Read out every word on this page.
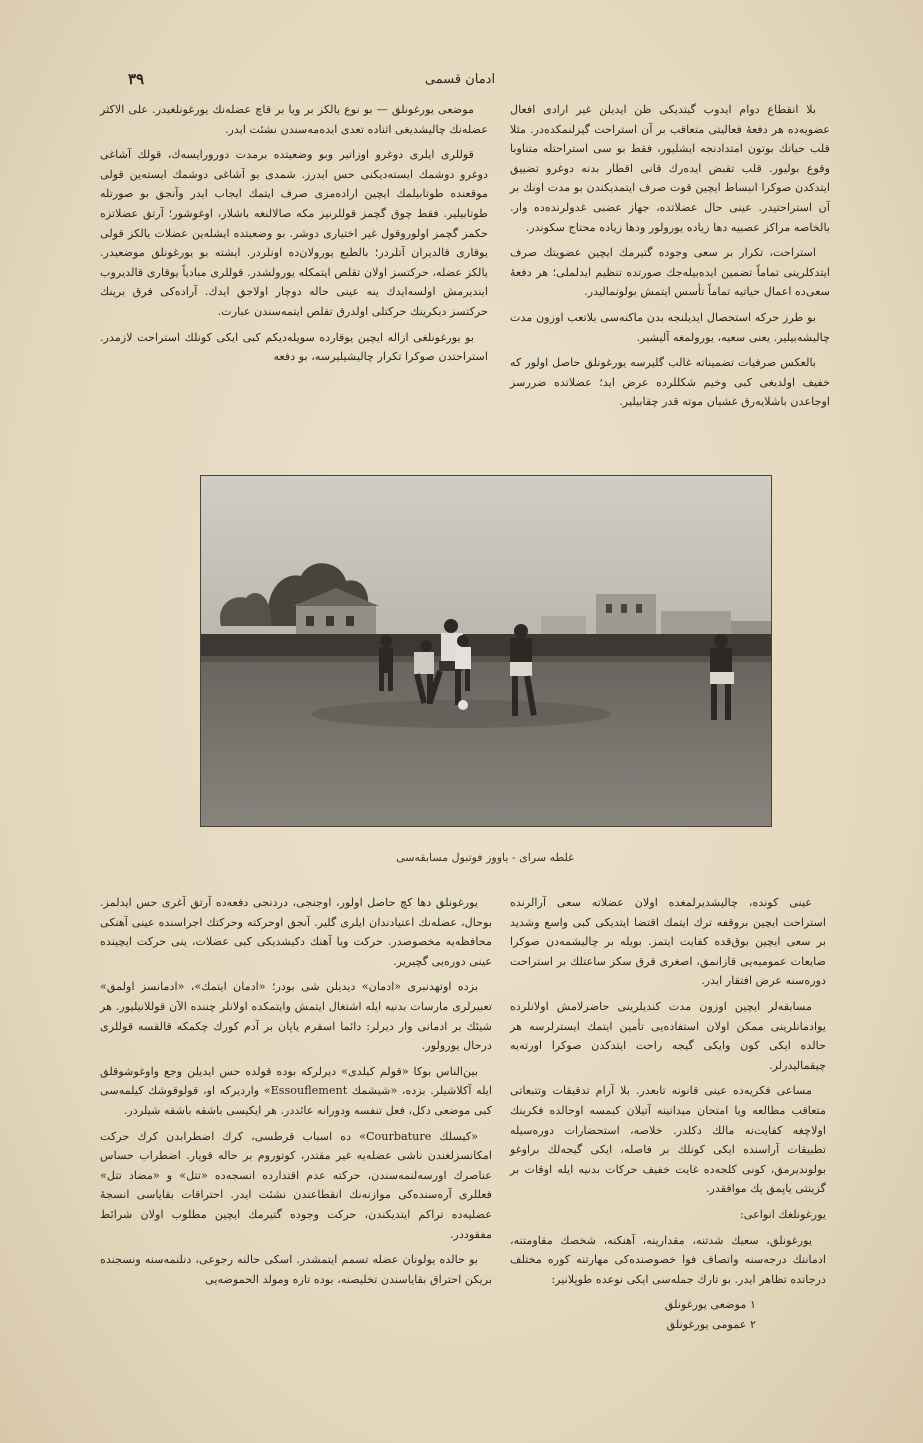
٣٩	ادمان قسمی

بلا انقطاع دوام ایدوب گیتدیکی ظن ایدیلن غیر ارادی افعال عضویه‌ده هر دفعهٔ فعالیتی متعاقب بر آن استراحت گیزلنمکده‌در. مثلا قلب حیاتك بوتون امتدادنجه ایشلیور، فقط بو سی استراحتله متناوبا وقوع بولیور. قلب تقبض ایده‌رك قانی اقطار بدنه دوغرو تضییق ایتدکدن صوکرا انبساط ایچین قوت صرف ایتمدیکندن بو مدت اونك بر آن استراحتیدر. عینی حال عضلاتده، جهاز عضبی غدولرنده‌ده وار. بالخاصه مراکز عصبیه دها زیاده یورولور ودها زیاده محتاج سکوندر.

استراحت، تکرار بر سعی وجوده گتیرمك ایچین عضویتك صرف ایتدکلرینی تماماً تضمین ایده‌بیله‌جك صورتده تنظیم ایدلملی؛ هر دفعهٔ سعی‌ده اعمال حیاتیه تماماً تأسس ایتمش بولونمالیدر.

بو طرز حرکه استحصال ایدیلنجه بدن ماکنه‌سی بلاتعب اوزون مدت چالیشه‌بیلیر. یعنی سعیه، یورولمغه آلیشیر.

بالعکس صرفیات تضمیناته غالب گلیرسه یورغونلق حاصل اولور که خفیف اولدیغی کبی وخیم شکللرده عرض اید؛ عضلاتده ضررسز اوجاعدن باشلایه‌رق غشیان موته قدر چقابیلیر.

موضعی یورغونلق — بو نوع یالکز بر ویا بر قاچ عضله‌نك یورغونلغیدر. علی الاکثر عضله‌نك چالیشدیغی اثناده تعدی ایده‌مه‌سندن نشئت ایدر.

قوللری ایلری دوغرو اوزاتیر وبو وضعیتده برمدت دورورایسه‌ك، قولك آشاغی دوغرو دوشمك ایسته‌دیکنی حس ایدرز. شمدی بو آشاغی دوشمك ایسته‌ین قولی موقعنده طوتابیلمك ایچین اراده‌مزی صرف ایتمك ایجاب ایدر وآنجق بو صورتله طوتابیلیر. فقط چوق گچمز قوللرنیز مکه صالالنغه باشلار، اوغوشور؛ آرتق عضلاتزه حکمز گچمز اولوروقول غیر اختیاری دوشر. بو وضعیتده ایشله‌ین عضلات یالکز قولی یوقاری قالدیران آتلردر؛ بالطبع یورولان‌ده اونلردر. ایشته بو یورغونلق موضعیدر. یالکز عضله، حرکتسز اولان تقلص ایتمکله یورولشدر. قوللری مبادیاً یوقاری قالدیروب ایندیرمش اولسه‌ایدك ینه عینی حاله دوچار اولاجق ایدك. آراده‌کی فرق برینك حرکتسز دیکرینك حرکتلی اولدرق تقلص ایتمه‌سندن عبارت.

بو یورغونلغی ازاله ایچین یوقارده سویله‌دیکم کبی ایکی کونلك استراحت لازمدر. استراحتدن صوکرا تکرار چالیشیلیرسه، بو دفعه

غلطه سرای - یاووز فوتبول مسابقه‌سی

عینی کونده، چالیشدیرلمغده اولان عضلاته سعی آرالرنده استراحت ایچین بروقفه ترك ایتمك اقتضا ایتدیکی کبی واسع وشدید بر سعی ایچین بوق‌قده کفایت ایتمز. بویله بر چالیشمه‌دن صوکرا ضایعات عمومیه‌یی قازانمق، اصغری قرق سکز ساعتلك بر استراحت دوره‌سنه عرض افتقار ایدر.

مسابقه‌لر ایچین اوزون مدت کندیلرینی حاضرلامش اولانلرده یوادمانلرینی ممکن اولان استفاده‌یی تأمین ایتمك ایسترلرسه هر حالده ایکی کون وایکی گیجه راحت ایتدکدن صوکرا اورته‌یه چیقمالیدرلر.

مساعی فکریه‌ده عینی قانونه تابعدر. بلا آرام تدقیقات وتتبعاتی متعاقب مطالعه ویا امتحان میدانینه آتیلان کیمسه اوحالده فکرینك اولاچغه کفایت‌نه مالك دکلدر. خلاصه، استحضارات دوره‌سیله تطبیقات آراسنده ایکی کونلك بر فاصله، ایکی گیجه‌لك براوغو بولوندیرمق، کونی کلجه‌ده غایت خفیف حرکات بدنیه ایله اوقات بر گزینتی یاپمق پك موافقدر.

یورغونلغك انواعی:

یورغونلق، سعیك شدتنه، مقدارینه، آهنکنه، شخصك مقاومتنه، ادماننك درجه‌سنه واتصاف فوا خصوصنده‌کی مهارتنه کوره مختلف درجاتده تظاهر ایدر. بو تارك جمله‌سی ایکی نوعده طوپلانیر:

١ موضعی یورغونلق
٢ عمومی یورغونلق

یورغونلق دها کچ حاصل اولور، اوجنجی، دردنجی دفعه‌ده آرتق آغری حس ایدلمز. بوحال، عضله‌نك اعتیادندان ایلری گلیر. آنجق اوحرکته وحرکتك اجراسنده عینی آهنکی محافظه‌یه مخصوصدر. حرکت ویا آهنك دکیشدیکی کبی عضلات، ینی حرکت ایچینده عینی دوره‌یی گچیریر.

بزده اوتهدنبری «ادمان» دیدیلن شی بودر؛ «ادمان ایتمك»، «ادمانسز اولمق» تعبیرلری مارسات بدنیه ایله اشتغال ایتمش وایتمکده اولانلر چننده الآن قوللانیلیور. هر شیئك بر ادمانی وار دیرلر: دائما اسقرم یاپان بر آدم کورك چکمکه قالقسه قوللری درحال یورولور.

بین‌الناس بوکا «قولم کیلدی» دیرلرکه بوده قولده حس ایدیلن وجع واوغوشوقلق ایله آکلاشیلر. بزده، «شیشمك Essouflement» واردیرکه او، قولوقوشك کیلمه‌سی کبی موضعی دکل، فعل تنفسه ودورانه عائددر. هر ایکیسی باشقه باشقه شیلردر.

«کیسلك Courbature» ده اسباب قرطسی، کرك اضطرابدن کرك حرکت امکانسزلغندن ناشی عضله‌یه غیر مقتدر، کوتوروم بر حاله قویار. اضطراب حساس عناصرك اورسه‌لنمه‌سندن، حرکته عدم اقتدارده انسجه‌ده «تتل» و «مضاد تتل» فعللری آره‌سنده‌کی موازنه‌نك انقطاعندن نشئت ایدر. احتراقات بقایاسی انسجهٔ عضلیه‌ده تراکم ایتدیکندن، حرکت وجوده گتیرمك ایچین مطلوب اولان شرائط مفقوددر.

بو حالده یولونان عضله تسمم ایتمشدر. اسکی حالنه رجوعی، دنلنمه‌سنه ونسجنده بریکن احتراق بقایاسندن تخلیصنه، بوده تازه ومولد الحموضه‌یی
